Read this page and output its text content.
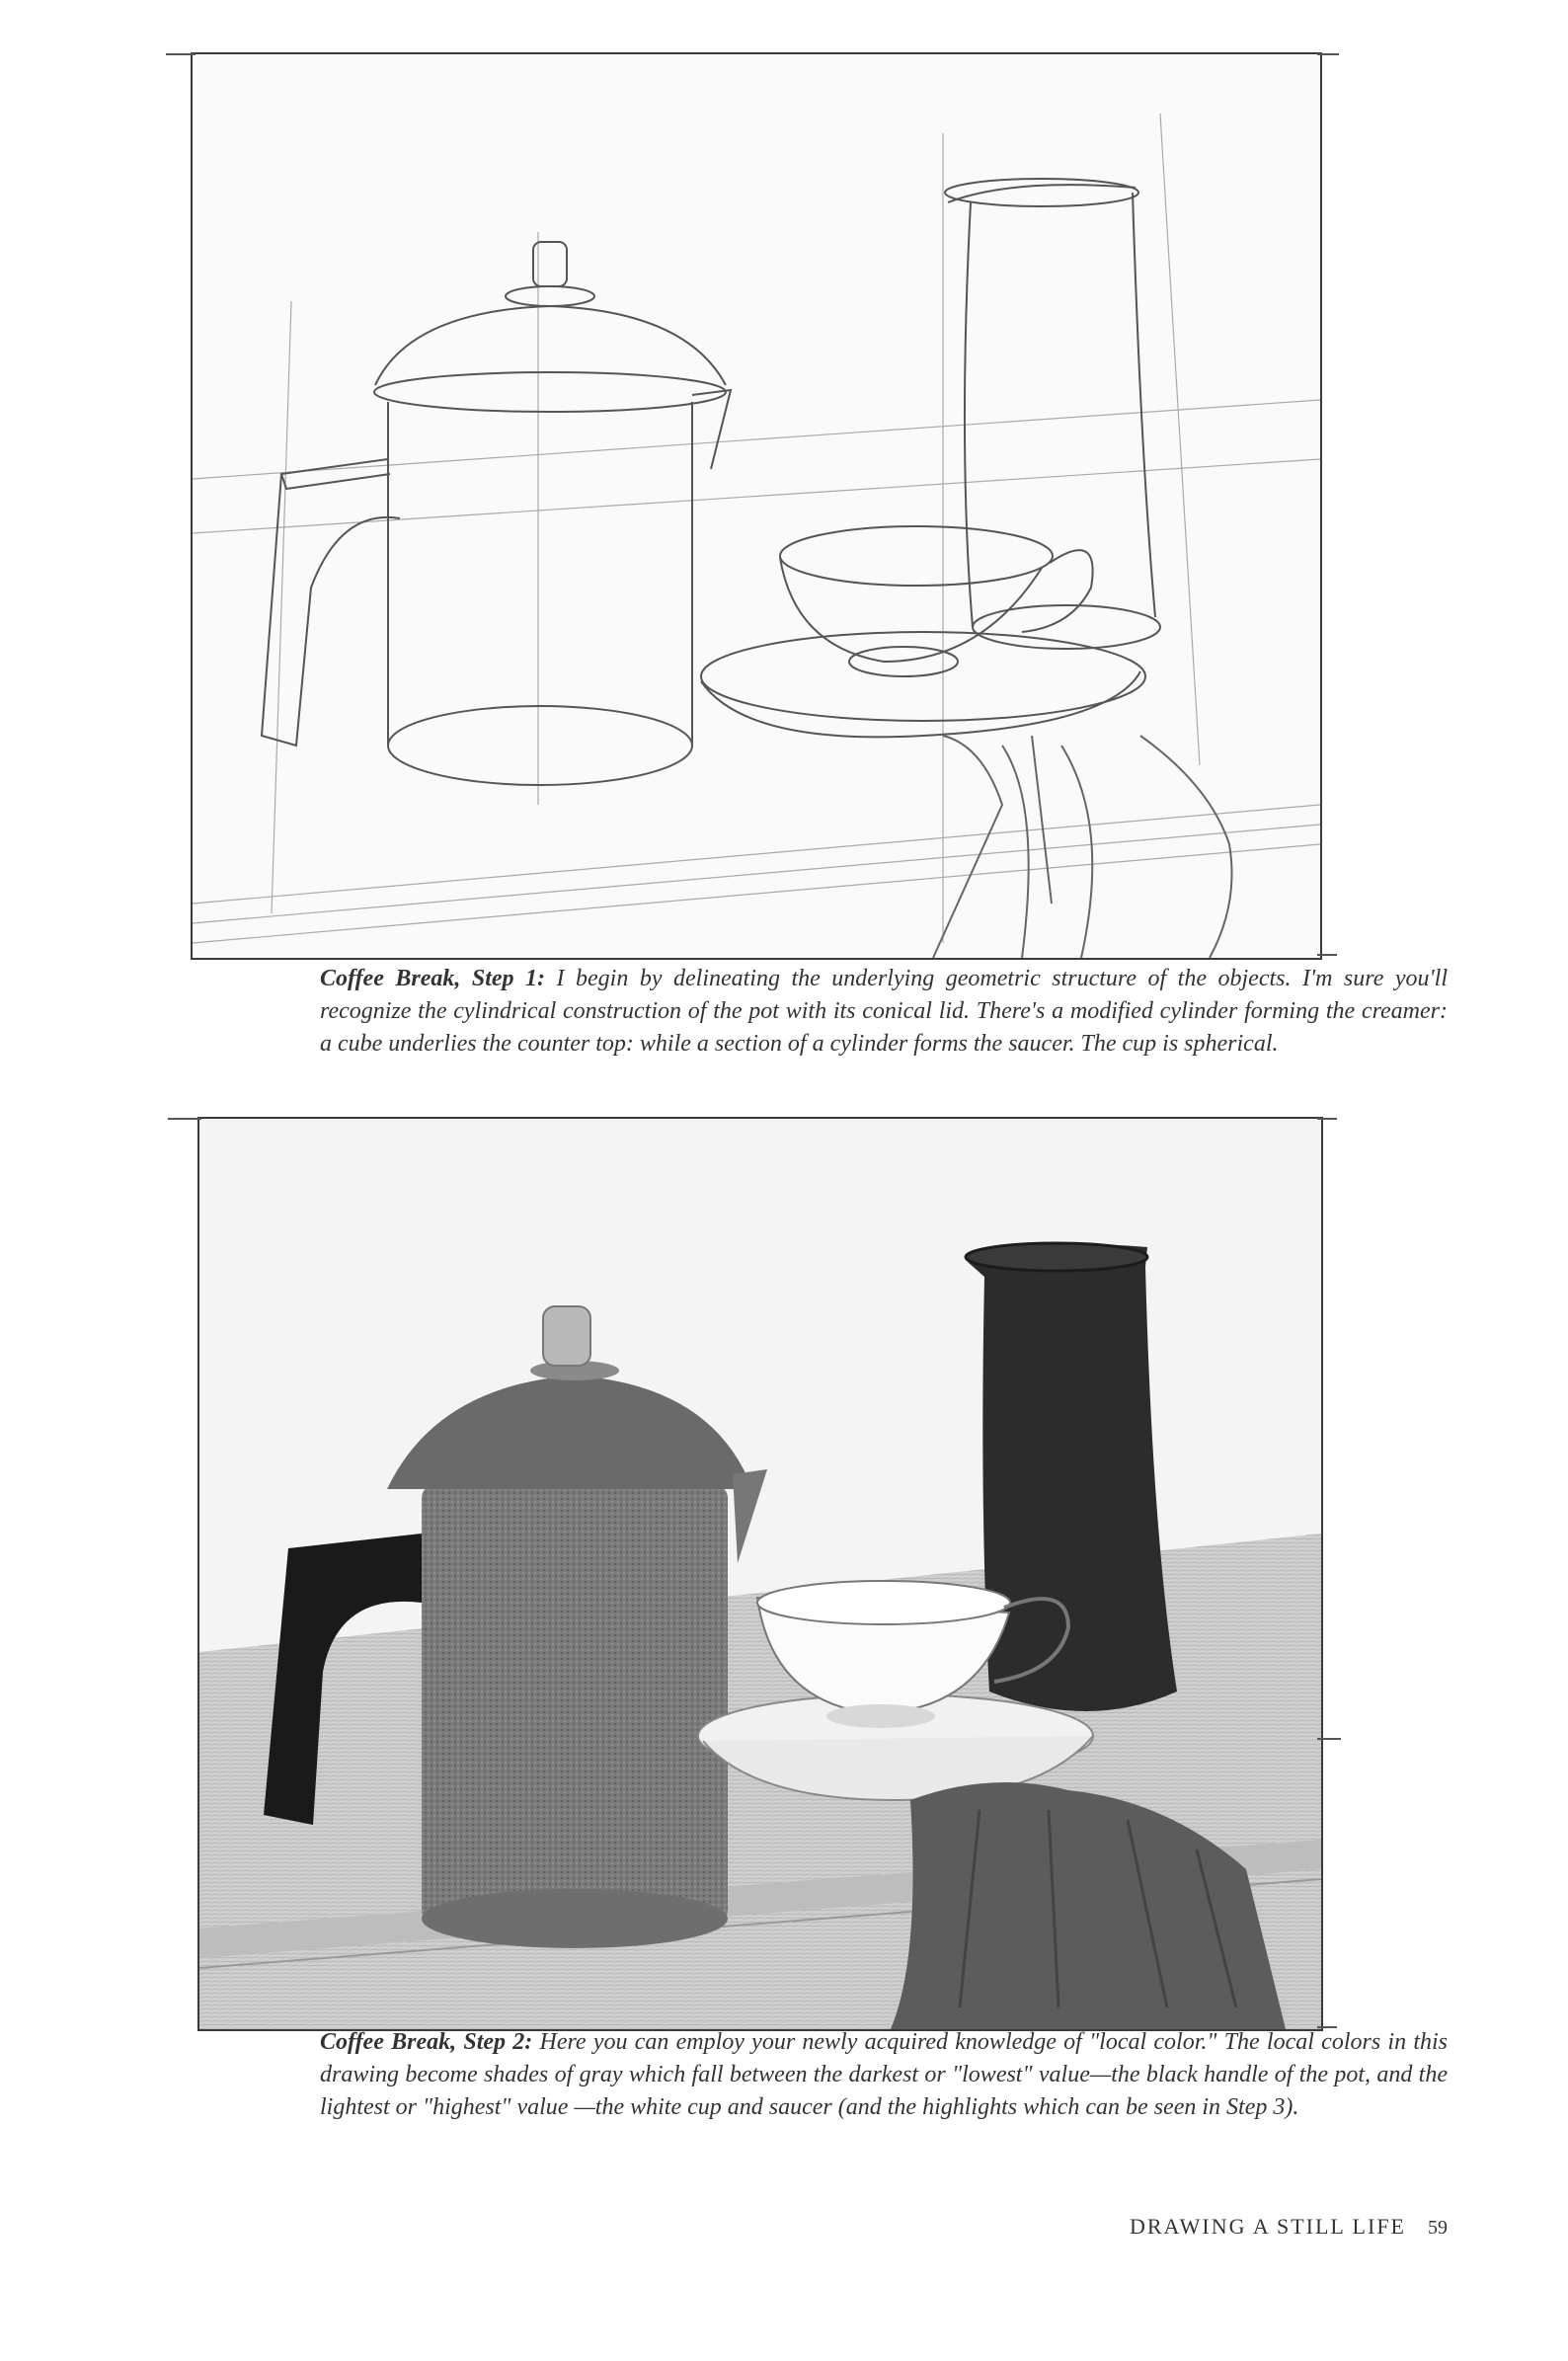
Coffee Break, Step 1: I begin by delineating the underlying geometric structure of the objects. I'm sure you'll recognize the cylindrical construction of the pot with its conical lid. There's a modified cylinder forming the creamer: a cube underlies the counter top: while a section of a cylinder forms the saucer. The cup is spherical.
Coffee Break, Step 2: Here you can employ your newly acquired knowledge of "local color." The local colors in this drawing become shades of gray which fall between the darkest or "lowest" value—the black handle of the pot, and the lightest or "highest" value —the white cup and saucer (and the highlights which can be seen in Step 3).
DRAWING A STILL LIFE 59
